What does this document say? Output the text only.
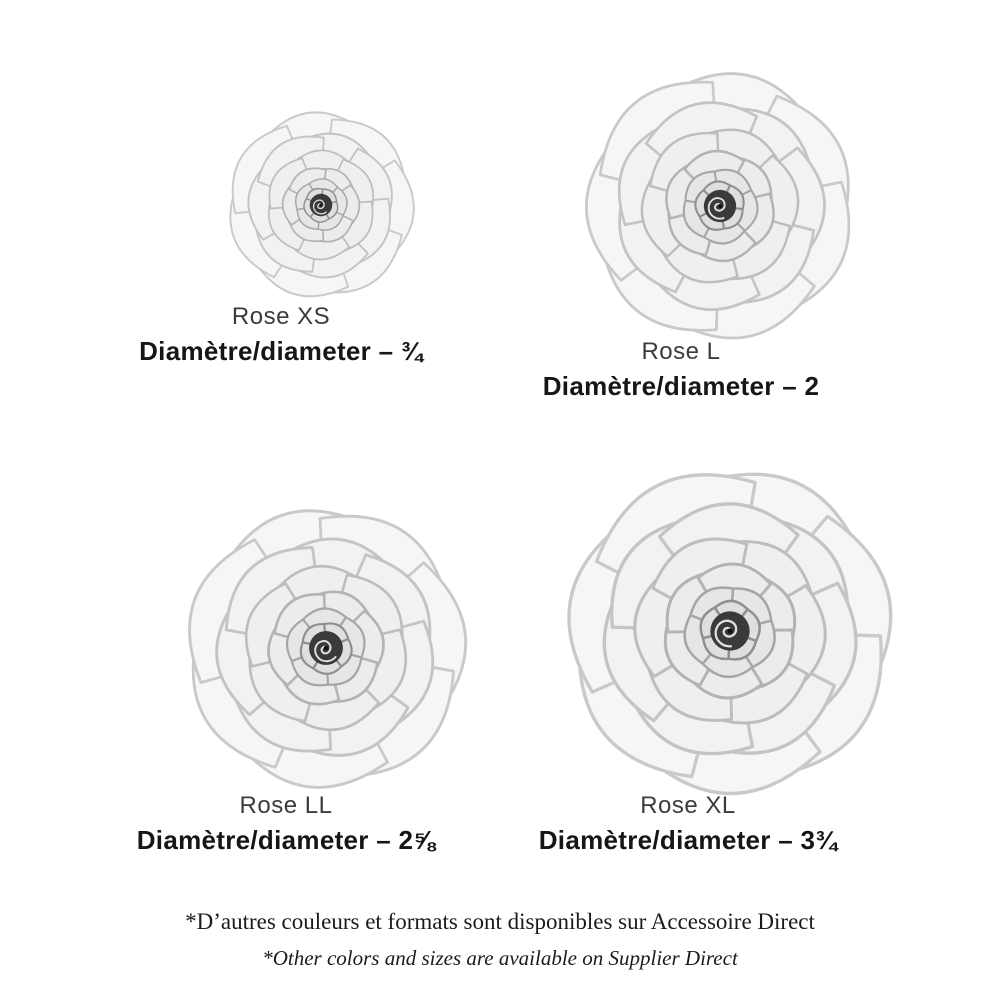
Rose XS
Diamètre/diameter – ¾	Rose L
Diamètre/diameter – 2
Rose LL
Diamètre/diameter – 2⅝
Rose XL
Diamètre/diameter – 3¾
*D’autres couleurs et formats sont disponibles sur Accessoire Direct
*Other colors and sizes are available on Supplier Direct
